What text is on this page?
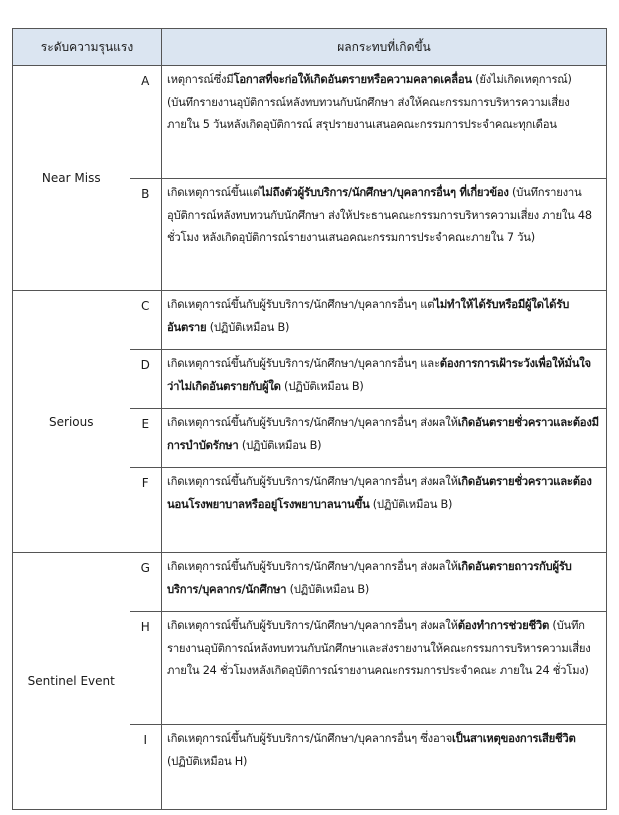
ระดับความรุนแรง		ผลกระทบที่เกิดขึ้น
Near Miss	A	เหตุการณ์ซึ่งมีโอกาสที่จะก่อให้เกิดอันตรายหรือความคลาดเคลื่อน (ยังไม่เกิดเหตุการณ์) (บันทึกรายงานอุบัติการณ์หลังทบทวนกับนักศึกษา ส่งให้คณะกรรมการบริหารความเสี่ยง ภายใน 5 วันหลังเกิดอุบัติการณ์ สรุปรายงานเสนอคณะกรรมการประจำคณะทุกเดือน
	B	เกิดเหตุการณ์ขึ้นแต่ไม่ถึงตัวผู้รับบริการ/นักศึกษา/บุคลากรอื่นๆ ที่เกี่ยวข้อง (บันทึกรายงานอุบัติการณ์หลังทบทวนกับนักศึกษา ส่งให้ประธานคณะกรรมการบริหารความเสี่ยง ภายใน 48 ชั่วโมง หลังเกิดอุบัติการณ์รายงานเสนอคณะกรรมการประจำคณะภายใน 7 วัน)
Serious	C	เกิดเหตุการณ์ขึ้นกับผู้รับบริการ/นักศึกษา/บุคลากรอื่นๆ แต่ไม่ทำให้ได้รับหรือมีผู้ใดได้รับอันตราย (ปฏิบัติเหมือน B)
	D	เกิดเหตุการณ์ขึ้นกับผู้รับบริการ/นักศึกษา/บุคลากรอื่นๆ และต้องการการเฝ้าระวังเพื่อให้มั่นใจว่าไม่เกิดอันตรายกับผู้ใด (ปฏิบัติเหมือน B)
	E	เกิดเหตุการณ์ขึ้นกับผู้รับบริการ/นักศึกษา/บุคลากรอื่นๆ ส่งผลให้เกิดอันตรายชั่วคราวและต้องมีการบำบัดรักษา (ปฏิบัติเหมือน B)
	F	เกิดเหตุการณ์ขึ้นกับผู้รับบริการ/นักศึกษา/บุคลากรอื่นๆ ส่งผลให้เกิดอันตรายชั่วคราวและต้องนอนโรงพยาบาลหรืออยู่โรงพยาบาลนานขึ้น (ปฏิบัติเหมือน B)
Sentinel Event	G	เกิดเหตุการณ์ขึ้นกับผู้รับบริการ/นักศึกษา/บุคลากรอื่นๆ ส่งผลให้เกิดอันตรายถาวรกับผู้รับบริการ/บุคลากร/นักศึกษา (ปฏิบัติเหมือน B)
	H	เกิดเหตุการณ์ขึ้นกับผู้รับบริการ/นักศึกษา/บุคลากรอื่นๆ ส่งผลให้ต้องทำการช่วยชีวิต (บันทึกรายงานอุบัติการณ์หลังทบทวนกับนักศึกษาและส่งรายงานให้คณะกรรมการบริหารความเสี่ยงภายใน 24 ชั่วโมงหลังเกิดอุบัติการณ์รายงานคณะกรรมการประจำคณะ ภายใน 24 ชั่วโมง)
	I	เกิดเหตุการณ์ขึ้นกับผู้รับบริการ/นักศึกษา/บุคลากรอื่นๆ ซึ่งอาจเป็นสาเหตุของการเสียชีวิต (ปฏิบัติเหมือน H)
